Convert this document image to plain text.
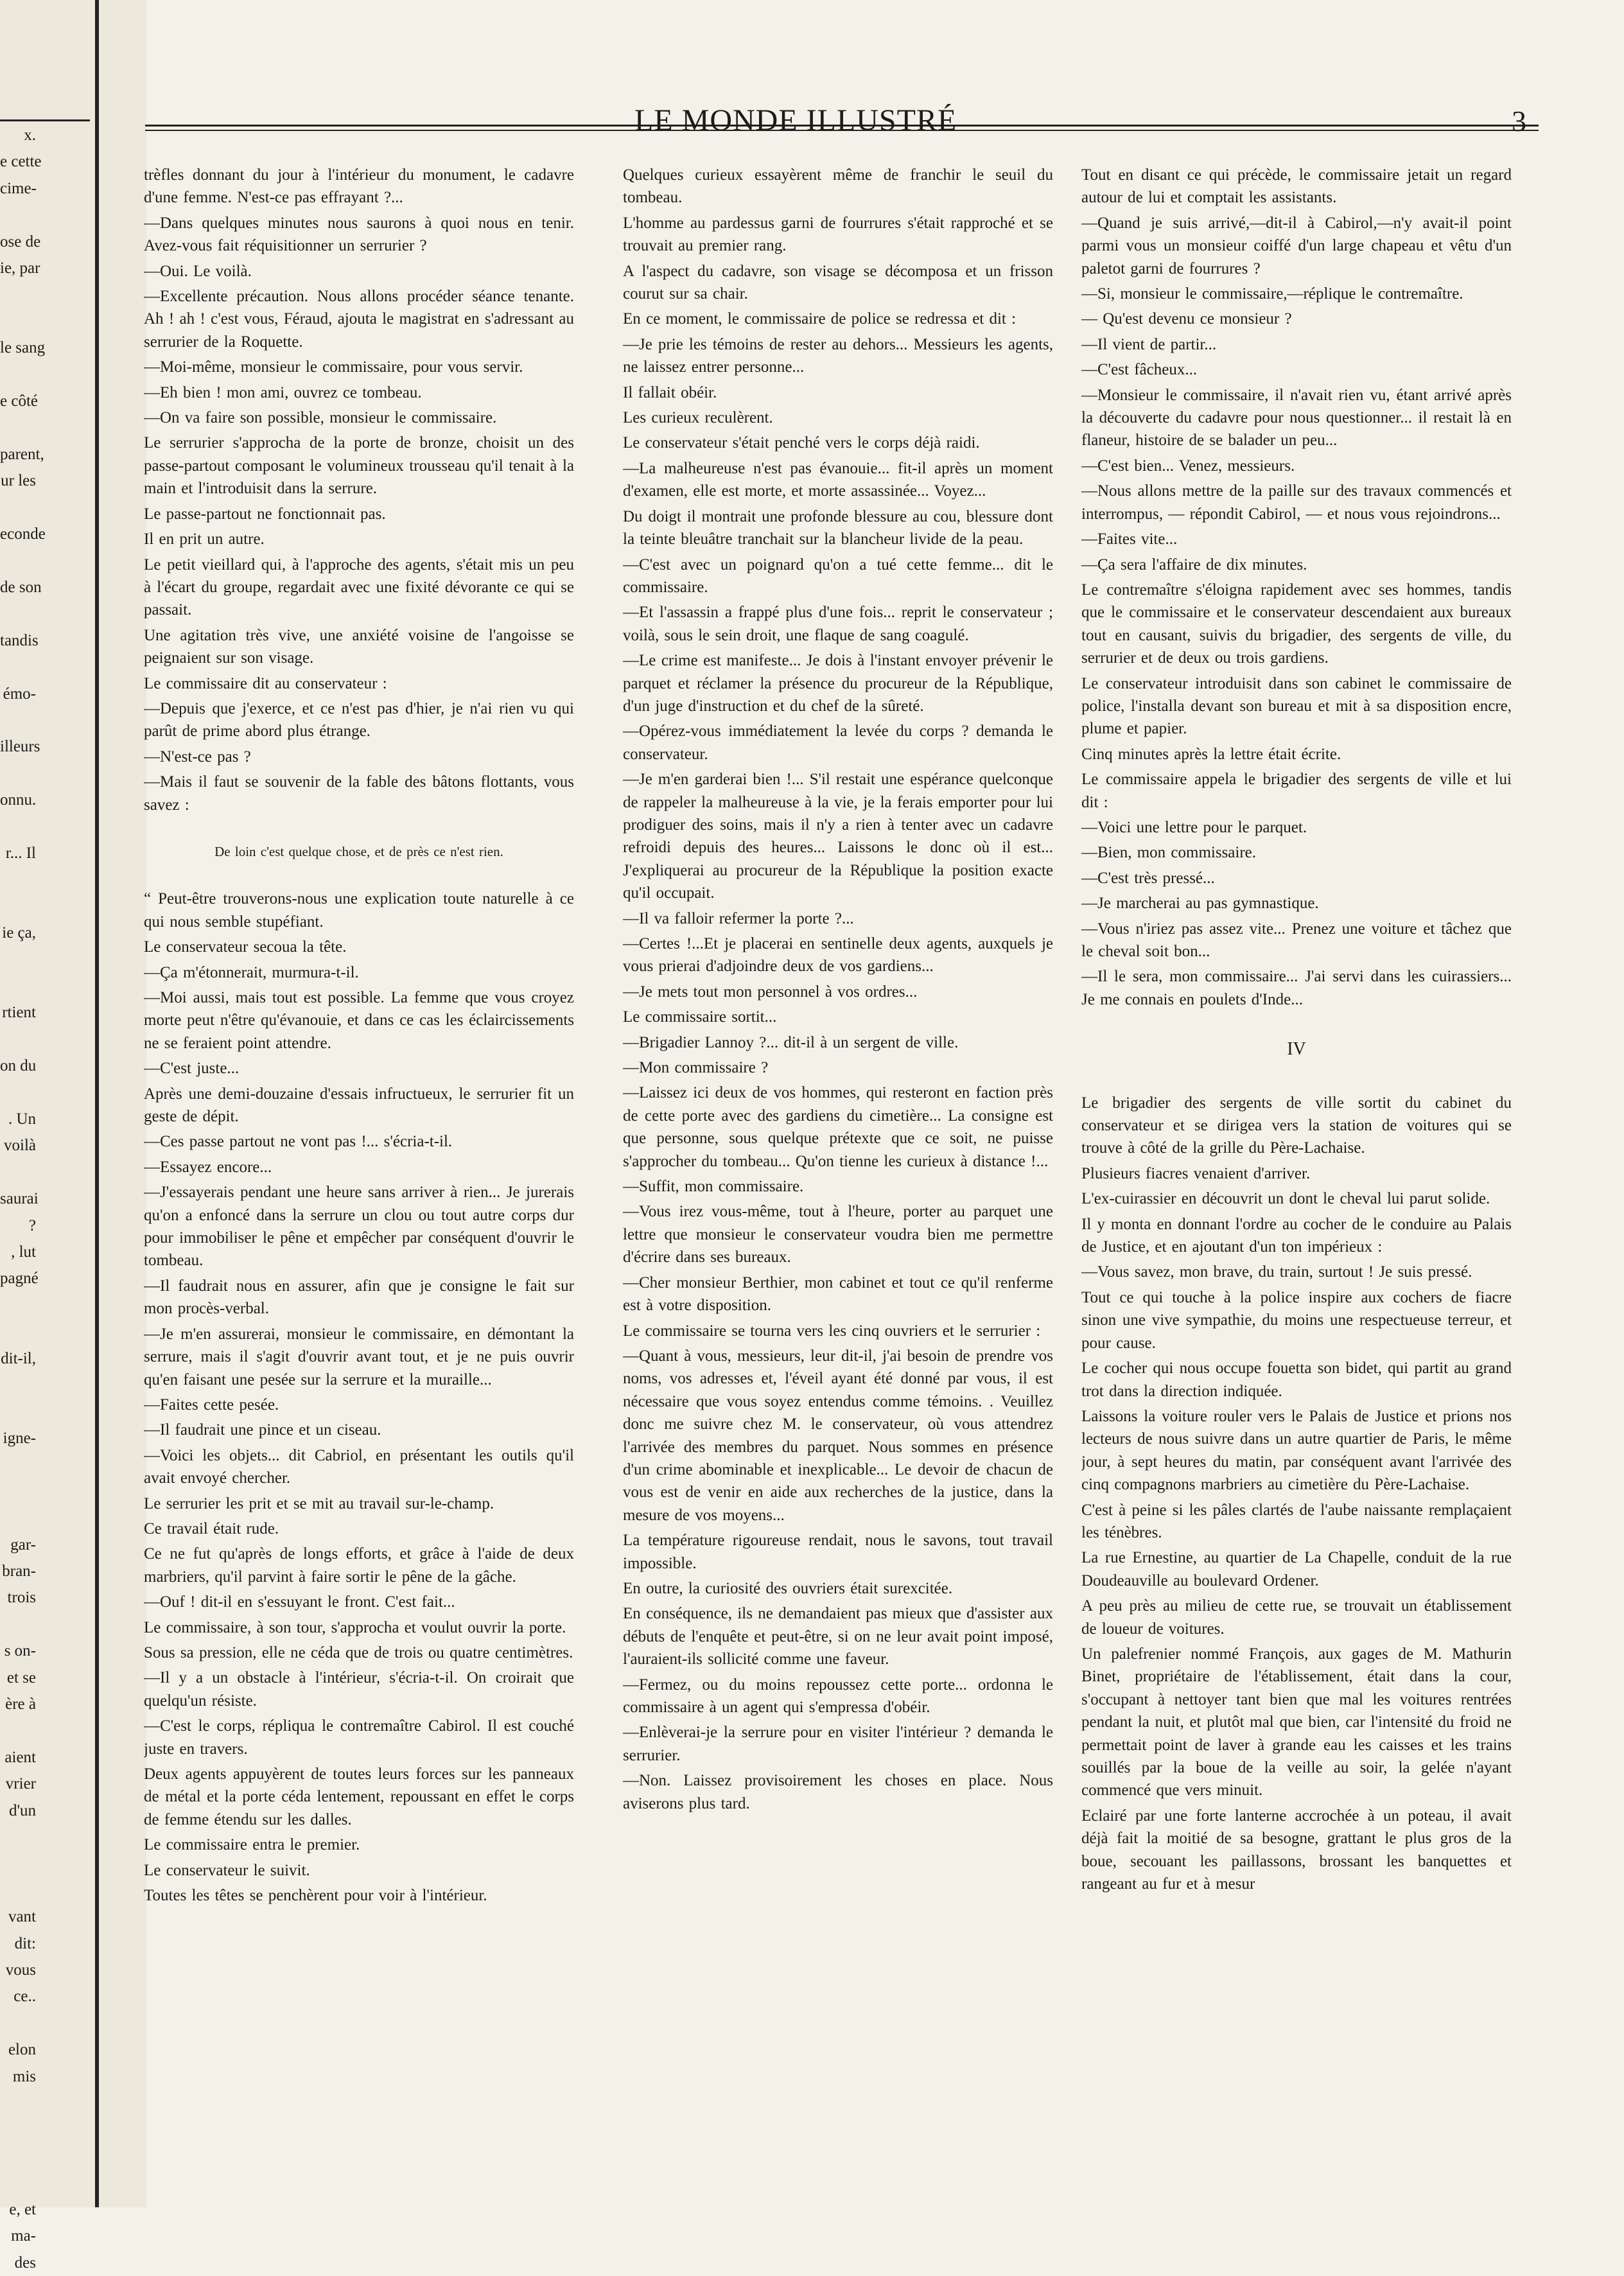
x.
e cette
cime-

ose de
ie, par

le sang

e côté

parent,
ur les

econde

de son

tandis

émo-

illeurs

onnu.

r... Il

ie ça,

rtient

on du

. Un
voilà

saurai
?
, lut
pagné

dit-il,

igne-

gar-
bran-
trois

s on-
et se
ère à

aient
vrier
d'un

vant
dit:
vous
ce..

elon
mis

e, et
ma-
des
LE MONDE ILLUSTRÉ	3

trèfles donnant du jour à l'intérieur du monument, le cadavre d'une femme. N'est-ce pas effrayant ?...

—Dans quelques minutes nous saurons à quoi nous en tenir. Avez-vous fait réquisitionner un serrurier ?

—Oui. Le voilà.

—Excellente précaution. Nous allons procéder séance tenante. Ah ! ah ! c'est vous, Féraud, ajouta le magistrat en s'adressant au serrurier de la Roquette.

—Moi-même, monsieur le commissaire, pour vous servir.

—Eh bien ! mon ami, ouvrez ce tombeau.

—On va faire son possible, monsieur le commissaire.

Le serrurier s'approcha de la porte de bronze, choisit un des passe-partout composant le volumineux trousseau qu'il tenait à la main et l'introduisit dans la serrure.

Le passe-partout ne fonctionnait pas.

Il en prit un autre.

Le petit vieillard qui, à l'approche des agents, s'était mis un peu à l'écart du groupe, regardait avec une fixité dévorante ce qui se passait.

Une agitation très vive, une anxiété voisine de l'angoisse se peignaient sur son visage.

Le commissaire dit au conservateur :

—Depuis que j'exerce, et ce n'est pas d'hier, je n'ai rien vu qui parût de prime abord plus étrange.

—N'est-ce pas ?

—Mais il faut se souvenir de la fable des bâtons flottants, vous savez :

De loin c'est quelque chose, et de près ce n'est rien.

“ Peut-être trouverons-nous une explication toute naturelle à ce qui nous semble stupéfiant.

Le conservateur secoua la tête.

—Ça m'étonnerait, murmura-t-il.

—Moi aussi, mais tout est possible. La femme que vous croyez morte peut n'être qu'évanouie, et dans ce cas les éclaircissements ne se feraient point attendre.

—C'est juste...

Après une demi-douzaine d'essais infructueux, le serrurier fit un geste de dépit.

—Ces passe partout ne vont pas !... s'écria-t-il.

—Essayez encore...

—J'essayerais pendant une heure sans arriver à rien... Je jurerais qu'on a enfoncé dans la serrure un clou ou tout autre corps dur pour immobiliser le pêne et empêcher par conséquent d'ouvrir le tombeau.

—Il faudrait nous en assurer, afin que je consigne le fait sur mon procès-verbal.

—Je m'en assurerai, monsieur le commissaire, en démontant la serrure, mais il s'agit d'ouvrir avant tout, et je ne puis ouvrir qu'en faisant une pesée sur la serrure et la muraille...

—Faites cette pesée.

—Il faudrait une pince et un ciseau.

—Voici les objets... dit Cabriol, en présentant les outils qu'il avait envoyé chercher.

Le serrurier les prit et se mit au travail sur-le-champ.

Ce travail était rude.

Ce ne fut qu'après de longs efforts, et grâce à l'aide de deux marbriers, qu'il parvint à faire sortir le pêne de la gâche.

—Ouf ! dit-il en s'essuyant le front. C'est fait...

Le commissaire, à son tour, s'approcha et voulut ouvrir la porte.

Sous sa pression, elle ne céda que de trois ou quatre centimètres.

—Il y a un obstacle à l'intérieur, s'écria-t-il. On croirait que quelqu'un résiste.

—C'est le corps, répliqua le contremaître Cabirol. Il est couché juste en travers.

Deux agents appuyèrent de toutes leurs forces sur les panneaux de métal et la porte céda lentement, repoussant en effet le corps de femme étendu sur les dalles.

Le commissaire entra le premier.

Le conservateur le suivit.

Toutes les têtes se penchèrent pour voir à l'intérieur.

Quelques curieux essayèrent même de franchir le seuil du tombeau.

L'homme au pardessus garni de fourrures s'était rapproché et se trouvait au premier rang.

A l'aspect du cadavre, son visage se décomposa et un frisson courut sur sa chair.

En ce moment, le commissaire de police se redressa et dit :

—Je prie les témoins de rester au dehors... Messieurs les agents, ne laissez entrer personne...

Il fallait obéir.

Les curieux reculèrent.

Le conservateur s'était penché vers le corps déjà raidi.

—La malheureuse n'est pas évanouie... fit-il après un moment d'examen, elle est morte, et morte assassinée... Voyez...

Du doigt il montrait une profonde blessure au cou, blessure dont la teinte bleuâtre tranchait sur la blancheur livide de la peau.

—C'est avec un poignard qu'on a tué cette femme... dit le commissaire.

—Et l'assassin a frappé plus d'une fois... reprit le conservateur ; voilà, sous le sein droit, une flaque de sang coagulé.

—Le crime est manifeste... Je dois à l'instant envoyer prévenir le parquet et réclamer la présence du procureur de la République, d'un juge d'instruction et du chef de la sûreté.

—Opérez-vous immédiatement la levée du corps ? demanda le conservateur.

—Je m'en garderai bien !... S'il restait une espérance quelconque de rappeler la malheureuse à la vie, je la ferais emporter pour lui prodiguer des soins, mais il n'y a rien à tenter avec un cadavre refroidi depuis des heures... Laissons le donc où il est... J'expliquerai au procureur de la République la position exacte qu'il occupait.

—Il va falloir refermer la porte ?...

—Certes !...Et je placerai en sentinelle deux agents, auxquels je vous prierai d'adjoindre deux de vos gardiens...

—Je mets tout mon personnel à vos ordres...

Le commissaire sortit...

—Brigadier Lannoy ?... dit-il à un sergent de ville.

—Mon commissaire ?

—Laissez ici deux de vos hommes, qui resteront en faction près de cette porte avec des gardiens du cimetière... La consigne est que personne, sous quelque prétexte que ce soit, ne puisse s'approcher du tombeau... Qu'on tienne les curieux à distance !...

—Suffit, mon commissaire.

—Vous irez vous-même, tout à l'heure, porter au parquet une lettre que monsieur le conservateur voudra bien me permettre d'écrire dans ses bureaux.

—Cher monsieur Berthier, mon cabinet et tout ce qu'il renferme est à votre disposition.

Le commissaire se tourna vers les cinq ouvriers et le serrurier :

—Quant à vous, messieurs, leur dit-il, j'ai besoin de prendre vos noms, vos adresses et, l'éveil ayant été donné par vous, il est nécessaire que vous soyez entendus comme témoins. . Veuillez donc me suivre chez M. le conservateur, où vous attendrez l'arrivée des membres du parquet. Nous sommes en présence d'un crime abominable et inexplicable... Le devoir de chacun de vous est de venir en aide aux recherches de la justice, dans la mesure de vos moyens...

La température rigoureuse rendait, nous le savons, tout travail impossible.

En outre, la curiosité des ouvriers était surexcitée.

En conséquence, ils ne demandaient pas mieux que d'assister aux débuts de l'enquête et peut-être, si on ne leur avait point imposé, l'auraient-ils sollicité comme une faveur.

—Fermez, ou du moins repoussez cette porte... ordonna le commissaire à un agent qui s'empressa d'obéir.

—Enlèverai-je la serrure pour en visiter l'intérieur ? demanda le serrurier.

—Non. Laissez provisoirement les choses en place. Nous aviserons plus tard.

Tout en disant ce qui précède, le commissaire jetait un regard autour de lui et comptait les assistants.

—Quand je suis arrivé,—dit-il à Cabirol,—n'y avait-il point parmi vous un monsieur coiffé d'un large chapeau et vêtu d'un paletot garni de fourrures ?

—Si, monsieur le commissaire,—réplique le contremaître.

— Qu'est devenu ce monsieur ?

—Il vient de partir...

—C'est fâcheux...

—Monsieur le commissaire, il n'avait rien vu, étant arrivé après la découverte du cadavre pour nous questionner... il restait là en flaneur, histoire de se balader un peu...

—C'est bien... Venez, messieurs.

—Nous allons mettre de la paille sur des travaux commencés et interrompus, — répondit Cabirol, — et nous vous rejoindrons...

—Faites vite...

—Ça sera l'affaire de dix minutes.

Le contremaître s'éloigna rapidement avec ses hommes, tandis que le commissaire et le conservateur descendaient aux bureaux tout en causant, suivis du brigadier, des sergents de ville, du serrurier et de deux ou trois gardiens.

Le conservateur introduisit dans son cabinet le commissaire de police, l'installa devant son bureau et mit à sa disposition encre, plume et papier.

Cinq minutes après la lettre était écrite.

Le commissaire appela le brigadier des sergents de ville et lui dit :

—Voici une lettre pour le parquet.

—Bien, mon commissaire.

—C'est très pressé...

—Je marcherai au pas gymnastique.

—Vous n'iriez pas assez vite... Prenez une voiture et tâchez que le cheval soit bon...

—Il le sera, mon commissaire... J'ai servi dans les cuirassiers... Je me connais en poulets d'Inde...

IV

Le brigadier des sergents de ville sortit du cabinet du conservateur et se dirigea vers la station de voitures qui se trouve à côté de la grille du Père-Lachaise.

Plusieurs fiacres venaient d'arriver.

L'ex-cuirassier en découvrit un dont le cheval lui parut solide.

Il y monta en donnant l'ordre au cocher de le conduire au Palais de Justice, et en ajoutant d'un ton impérieux :

—Vous savez, mon brave, du train, surtout ! Je suis pressé.

Tout ce qui touche à la police inspire aux cochers de fiacre sinon une vive sympathie, du moins une respectueuse terreur, et pour cause.

Le cocher qui nous occupe fouetta son bidet, qui partit au grand trot dans la direction indiquée.

Laissons la voiture rouler vers le Palais de Justice et prions nos lecteurs de nous suivre dans un autre quartier de Paris, le même jour, à sept heures du matin, par conséquent avant l'arrivée des cinq compagnons marbriers au cimetière du Père-Lachaise.

C'est à peine si les pâles clartés de l'aube naissante remplaçaient les ténèbres.

La rue Ernestine, au quartier de La Chapelle, conduit de la rue Doudeauville au boulevard Ordener.

A peu près au milieu de cette rue, se trouvait un établissement de loueur de voitures.

Un palefrenier nommé François, aux gages de M. Mathurin Binet, propriétaire de l'établissement, était dans la cour, s'occupant à nettoyer tant bien que mal les voitures rentrées pendant la nuit, et plutôt mal que bien, car l'intensité du froid ne permettait point de laver à grande eau les caisses et les trains souillés par la boue de la veille au soir, la gelée n'ayant commencé que vers minuit.

Eclairé par une forte lanterne accrochée à un poteau, il avait déjà fait la moitié de sa besogne, grattant le plus gros de la boue, secouant les paillassons, brossant les banquettes et rangeant au fur et à mesur
